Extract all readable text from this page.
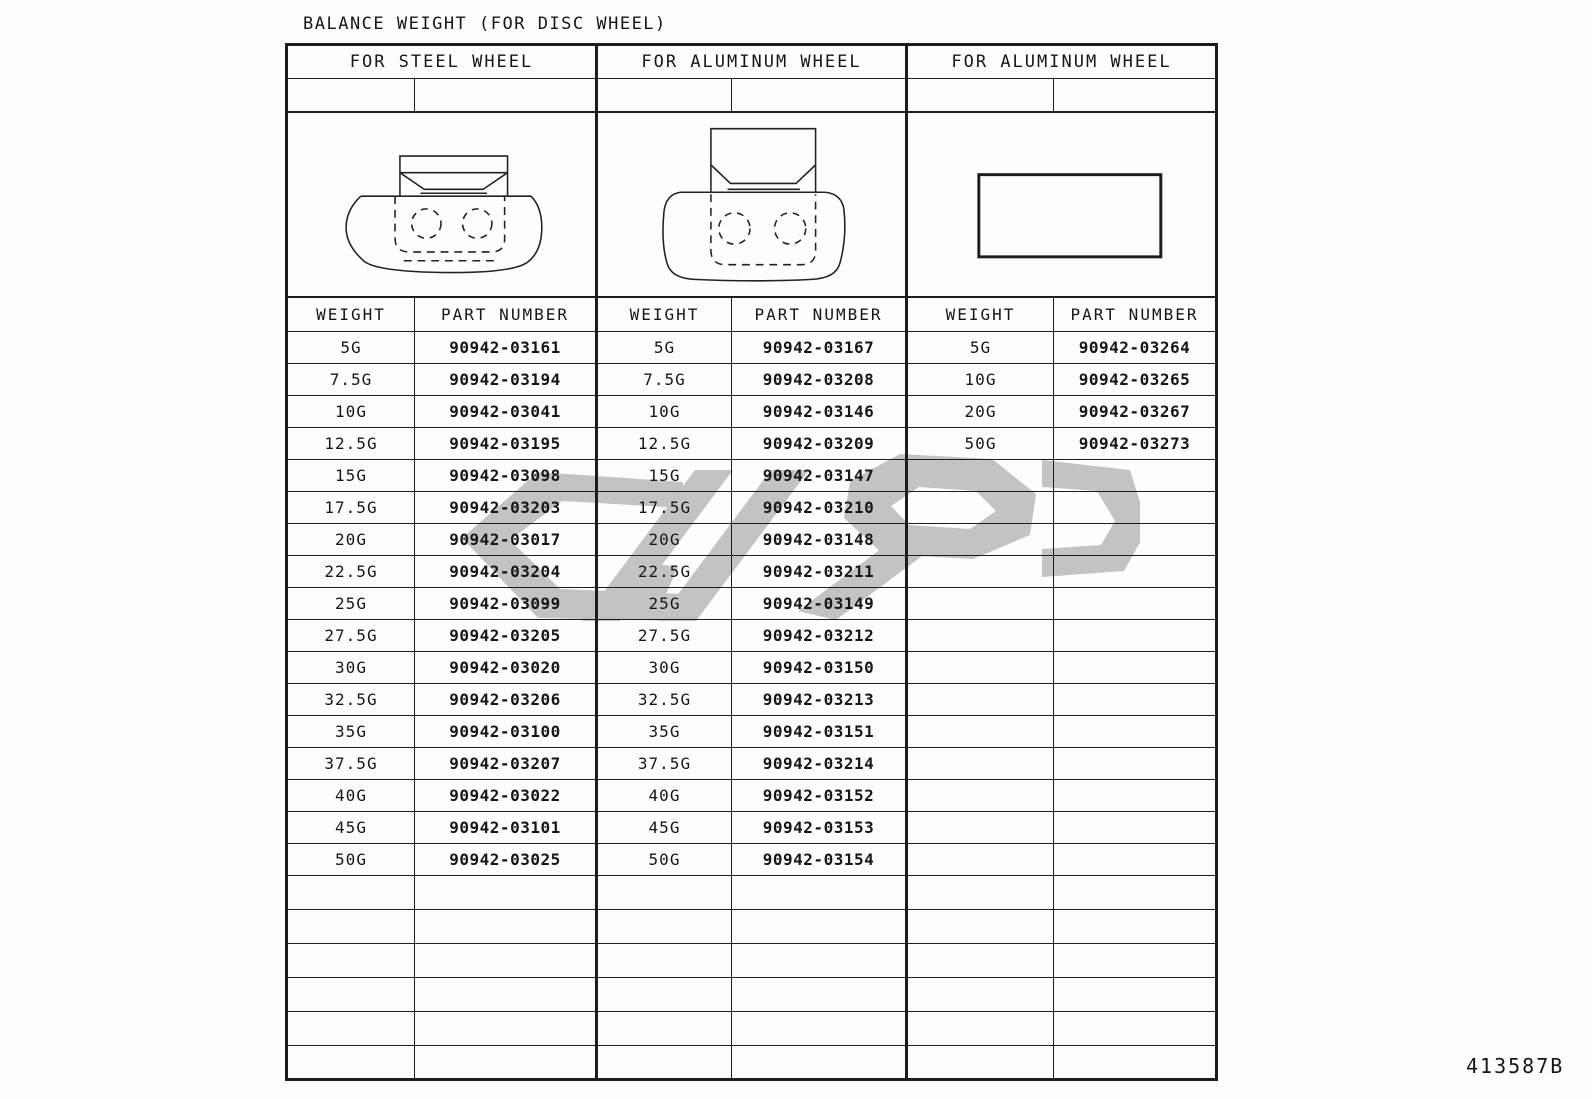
BALANCE WEIGHT (FOR DISC WHEEL)
FOR STEEL WHEEL		FOR ALUMINUM WHEEL		FOR ALUMINUM WHEEL	

WEIGHT	PART NUMBER	WEIGHT	PART NUMBER	WEIGHT	PART NUMBER
5G	90942-03161	5G	90942-03167	5G	90942-03264
7.5G	90942-03194	7.5G	90942-03208	10G	90942-03265
10G	90942-03041	10G	90942-03146	20G	90942-03267
12.5G	90942-03195	12.5G	90942-03209	50G	90942-03273
15G	90942-03098	15G	90942-03147		
17.5G	90942-03203	17.5G	90942-03210		
20G	90942-03017	20G	90942-03148		
22.5G	90942-03204	22.5G	90942-03211		
25G	90942-03099	25G	90942-03149		
27.5G	90942-03205	27.5G	90942-03212		
30G	90942-03020	30G	90942-03150		
32.5G	90942-03206	32.5G	90942-03213		
35G	90942-03100	35G	90942-03151		
37.5G	90942-03207	37.5G	90942-03214		
40G	90942-03022	40G	90942-03152		
45G	90942-03101	45G	90942-03153		
50G	90942-03025	50G	90942-03154		

413587B
